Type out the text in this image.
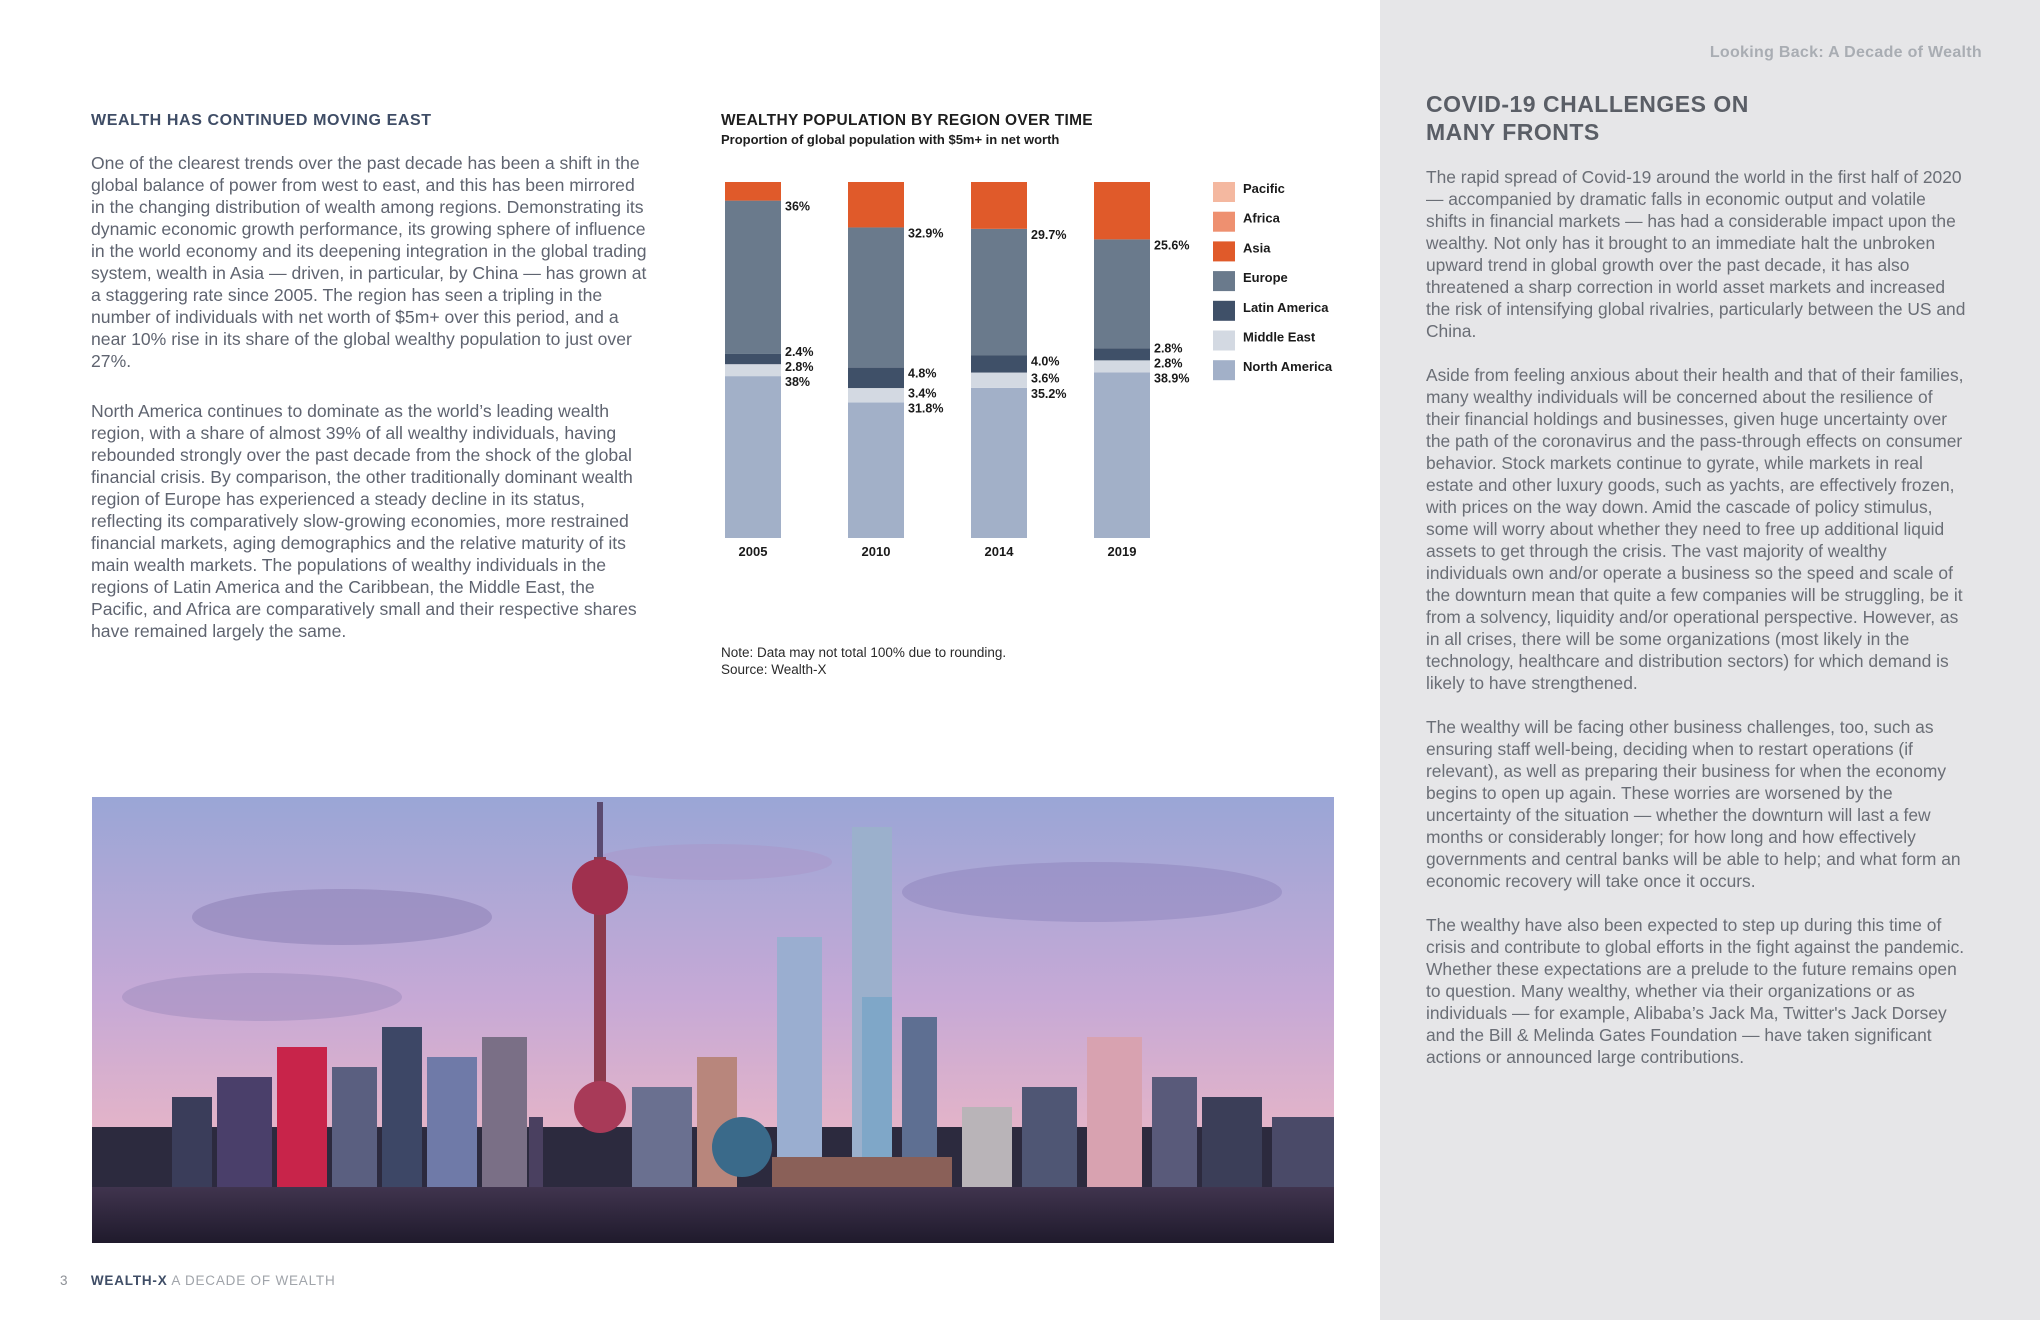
Looking Back: A Decade of Wealth
WEALTH HAS CONTINUED MOVING EAST

One of the clearest trends over the past decade has been a shift in the global balance of power from west to east, and this has been mirrored in the changing distribution of wealth among regions. Demonstrating its dynamic economic growth performance, its growing sphere of influence in the world economy and its deepening integration in the global trading system, wealth in Asia — driven, in particular, by China — has grown at a staggering rate since 2005. The region has seen a tripling in the number of individuals with net worth of $5m+ over this period, and a near 10% rise in its share of the global wealthy population to just over 27%.

North America continues to dominate as the world’s leading wealth region, with a share of almost 39% of all wealthy individuals, having rebounded strongly over the past decade from the shock of the global financial crisis. By comparison, the other traditionally dominant wealth region of Europe has experienced a steady decline in its status, reflecting its comparatively slow-growing economies, more restrained financial markets, aging demographics and the relative maturity of its main wealth markets. The populations of wealthy individuals in the regions of Latin America and the Caribbean, the Middle East, the Pacific, and Africa are comparatively small and their respective shares have remained largely the same.

WEALTHY POPULATION BY REGION OVER TIME
Proportion of global population with $5m+ in net worth
38%
2.8%
2.4%
36%
2005
31.8%
3.4%
4.8%
32.9%
2010
35.2%
3.6%
4.0%
29.7%
2014
38.9%
2.8%
2.8%
25.6%
2019
Pacific
Africa
Asia
Europe
Latin America
Middle East
North America
Note: Data may not total 100% due to rounding.
Source: Wealth-X
COVID-19 CHALLENGES ON
MANY FRONTS

The rapid spread of Covid-19 around the world in the first half of 2020 — accompanied by dramatic falls in economic output and volatile shifts in financial markets — has had a considerable impact upon the wealthy. Not only has it brought to an immediate halt the unbroken upward trend in global growth over the past decade, it has also threatened a sharp correction in world asset markets and increased the risk of intensifying global rivalries, particularly between the US and China.

Aside from feeling anxious about their health and that of their families, many wealthy individuals will be concerned about the resilience of their financial holdings and businesses, given huge uncertainty over the path of the coronavirus and the pass-through effects on consumer behavior. Stock markets continue to gyrate, while markets in real estate and other luxury goods, such as yachts, are effectively frozen, with prices on the way down. Amid the cascade of policy stimulus, some will worry about whether they need to free up additional liquid assets to get through the crisis. The vast majority of wealthy individuals own and/or operate a business so the speed and scale of the downturn mean that quite a few companies will be struggling, be it from a solvency, liquidity and/or operational perspective. However, as in all crises, there will be some organizations (most likely in the technology, healthcare and distribution sectors) for which demand is likely to have strengthened.

The wealthy will be facing other business challenges, too, such as ensuring staff well-being, deciding when to restart operations (if relevant), as well as preparing their business for when the economy begins to open up again. These worries are worsened by the uncertainty of the situation — whether the downturn will last a few months or considerably longer; for how long and how effectively governments and central banks will be able to help; and what form an economic recovery will take once it occurs.

The wealthy have also been expected to step up during this time of crisis and contribute to global efforts in the fight against the pandemic. Whether these expectations are a prelude to the future remains open to question. Many wealthy, whether via their organizations or as individuals — for example, Alibaba’s Jack Ma, Twitter's Jack Dorsey and the Bill & Melinda Gates Foundation — have taken significant actions or announced large contributions.

3 WEALTH-X A DECADE OF WEALTH
